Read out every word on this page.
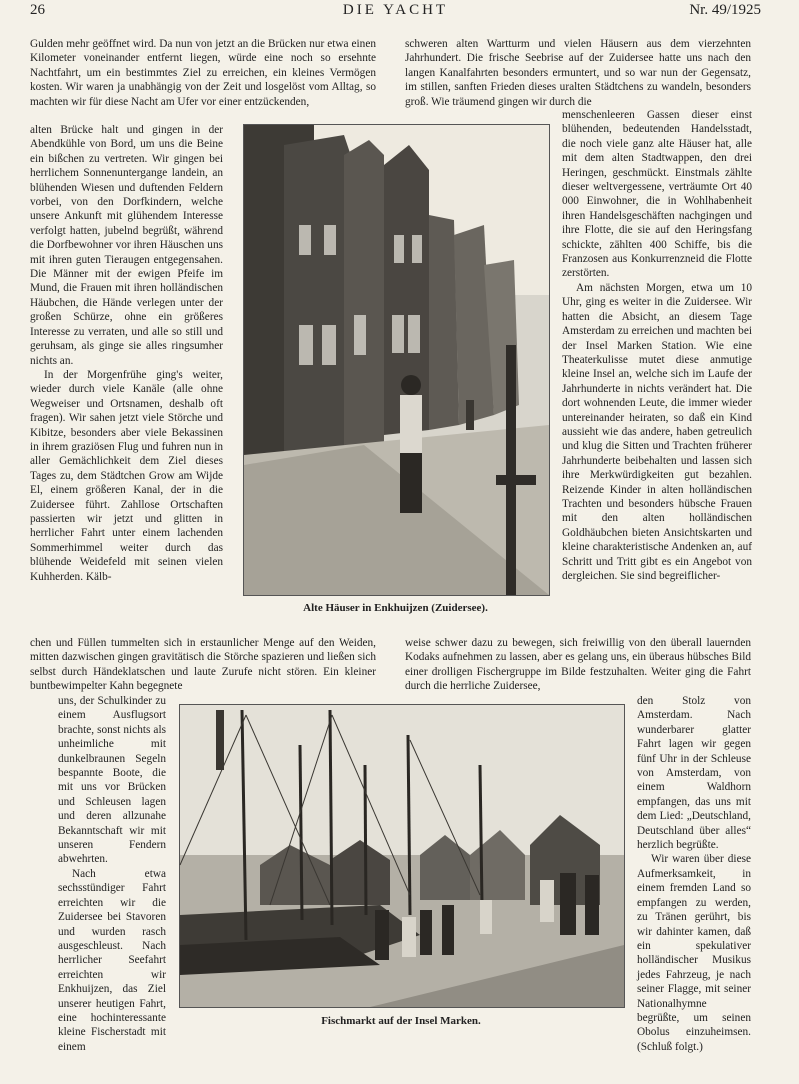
26	DIE YACHT	Nr. 49/1925

Gulden mehr geöffnet wird. Da nun von jetzt an die Brücken nur etwa einen Kilometer voneinander entfernt liegen, würde eine noch so ersehnte Nachtfahrt, um ein bestimmtes Ziel zu erreichen, ein kleines Vermögen kosten. Wir waren ja unabhängig von der Zeit und losgelöst vom Alltag, so machten wir für diese Nacht am Ufer vor einer entzückenden,

alten Brücke halt und gingen in der Abendkühle von Bord, um uns die Beine ein bißchen zu vertreten. Wir gingen bei herrlichem Sonnenuntergange landein, an blühenden Wiesen und duftenden Feldern vorbei, von den Dorfkindern, welche unsere Ankunft mit glühendem Interesse verfolgt hatten, jubelnd begrüßt, während die Dorfbewohner vor ihren Häuschen uns mit ihren guten Tieraugen entgegensahen. Die Männer mit der ewigen Pfeife im Mund, die Frauen mit ihren holländischen Häubchen, die Hände verlegen unter der großen Schürze, ohne ein größeres Interesse zu verraten, und alle so still und geruhsam, als ginge sie alles ringsumher nichts an.

In der Morgenfrühe ging's weiter, wieder durch viele Kanäle (alle ohne Wegweiser und Ortsnamen, deshalb oft fragen). Wir sahen jetzt viele Störche und Kibitze, besonders aber viele Bekassinen in ihrem graziösen Flug und fuhren nun in aller Gemächlichkeit dem Ziel dieses Tages zu, dem Städtchen Grow am Wijde El, einem größeren Kanal, der in die Zuidersee führt. Zahllose Ortschaften passierten wir jetzt und glitten in herrlicher Fahrt unter einem lachenden Sommerhimmel weiter durch das blühende Weidefeld mit seinen vielen Kuhherden. Kälb-

Alte Häuser in Enkhuijzen (Zuidersee).

schweren alten Wartturm und vielen Häusern aus dem vierzehnten Jahrhundert. Die frische Seebrise auf der Zuidersee hatte uns nach den langen Kanalfahrten besonders ermuntert, und so war nun der Gegensatz, im stillen, sanften Frieden dieses uralten Städtchens zu wandeln, besonders groß. Wie träumend gingen wir durch die

menschenleeren Gassen dieser einst blühenden, bedeutenden Handelsstadt, die noch viele ganz alte Häuser hat, alle mit dem alten Stadtwappen, den drei Heringen, geschmückt. Einstmals zählte dieser weltvergessene, verträumte Ort 40 000 Einwohner, die in Wohlhabenheit ihren Handelsgeschäften nachgingen und ihre Flotte, die sie auf den Heringsfang schickte, zählten 400 Schiffe, bis die Franzosen aus Konkurrenzneid die Flotte zerstörten.

Am nächsten Morgen, etwa um 10 Uhr, ging es weiter in die Zuidersee. Wir hatten die Absicht, an diesem Tage Amsterdam zu erreichen und machten bei der Insel Marken Station. Wie eine Theaterkulisse mutet diese anmutige kleine Insel an, welche sich im Laufe der Jahrhunderte in nichts verändert hat. Die dort wohnenden Leute, die immer wieder untereinander heiraten, so daß ein Kind aussieht wie das andere, haben getreulich und klug die Sitten und Trachten früherer Jahrhunderte beibehalten und lassen sich ihre Merkwürdigkeiten gut bezahlen. Reizende Kinder in alten holländischen Trachten und besonders hübsche Frauen mit den alten holländischen Goldhäubchen bieten Ansichtskarten und kleine charakteristische Andenken an, auf Schritt und Tritt gibt es ein Angebot von dergleichen. Sie sind begreiflicher-

chen und Füllen tummelten sich in erstaunlicher Menge auf den Weiden, mitten dazwischen gingen gravitätisch die Störche spazieren und ließen sich selbst durch Händeklatschen und laute Zurufe nicht stören. Ein kleiner buntbewimpelter Kahn begegnete

weise schwer dazu zu bewegen, sich freiwillig von den überall lauernden Kodaks aufnehmen zu lassen, aber es gelang uns, ein überaus hübsches Bild einer drolligen Fischergruppe im Bilde festzuhalten. Weiter ging die Fahrt durch die herrliche Zuidersee,

uns, der Schulkinder zu einem Ausflugsort brachte, sonst nichts als unheimliche mit dunkelbraunen Segeln bespannte Boote, die mit uns vor Brücken und Schleusen lagen und deren allzunahe Bekanntschaft wir mit unseren Fendern abwehrten.

Nach etwa sechsstündiger Fahrt erreichten wir die Zuidersee bei Stavoren und wurden rasch ausgeschleust. Nach herrlicher Seefahrt erreichten wir Enkhuijzen, das Ziel unserer heutigen Fahrt, eine hochinteressante kleine Fischerstadt mit einem

Fischmarkt auf der Insel Marken.

den Stolz von Amsterdam. Nach wunderbarer glatter Fahrt lagen wir gegen fünf Uhr in der Schleuse von Amsterdam, von einem Waldhorn empfangen, das uns mit dem Lied: „Deutschland, Deutschland über alles“ herzlich begrüßte.

Wir waren über diese Aufmerksamkeit, in einem fremden Land so empfangen zu werden, zu Tränen gerührt, bis wir dahinter kamen, daß ein spekulativer holländischer Musikus jedes Fahrzeug, je nach seiner Flagge, mit seiner Nationalhymne begrüßte, um seinen Obolus einzuheimsen. (Schluß folgt.)
